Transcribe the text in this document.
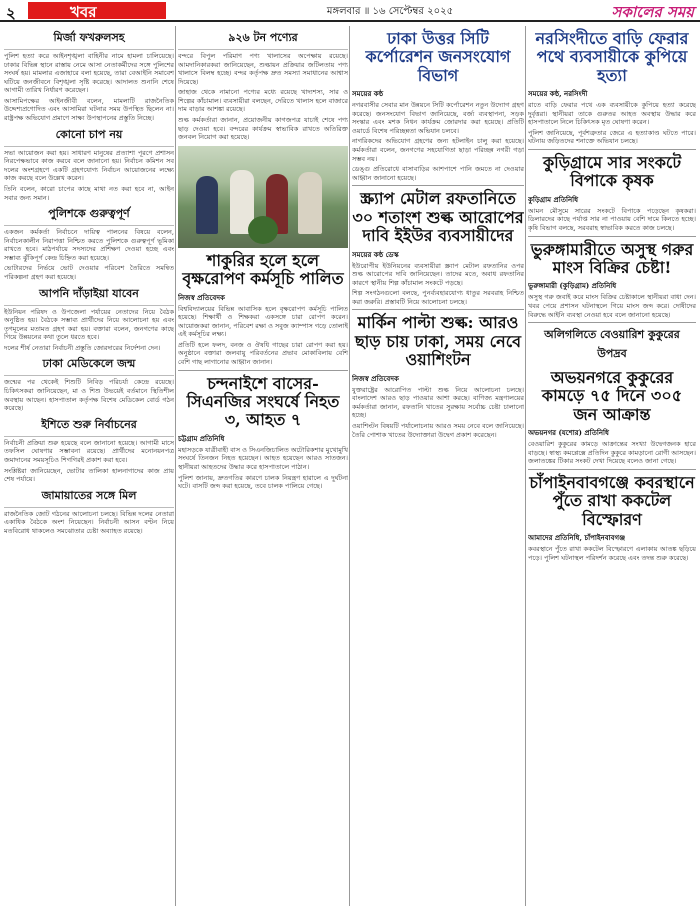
২	খবর	মঙ্গলবার ॥ ১৬ সেপ্টেম্বর ২০২৫	সকালের সময়
মির্জা ফখরুলসহ

পুলিশ হত্যা করে আইনশৃঙ্খলা বাহিনীর নামে হামলা চালিয়েছে। ঢাকার বিভিন্ন স্থানে রাস্তায় নেমে আসা নেতাকর্মীদের সঙ্গে পুলিশের সংঘর্ষ হয়। মামলার এজাহারে বলা হয়েছে, তারা বেআইনি সমাবেশ ঘটিয়ে জনজীবনে বিশৃঙ্খলা সৃষ্টি করেছে। আদালত শুনানি শেষে আগামী তারিখ নির্ধারণ করেছেন।

আসামিপক্ষের আইনজীবী বলেন, মামলাটি রাজনৈতিক উদ্দেশ্যপ্রণোদিত এবং আসামিরা ঘটনার সময় উপস্থিত ছিলেন না। রাষ্ট্রপক্ষ অভিযোগ প্রমাণে সাক্ষ্য উপস্থাপনের প্রস্তুতি নিচ্ছে।

কোনো চাপ নয়

সভা আয়োজন করা হয়। সাধারণ মানুষের প্রত্যাশা পূরণে প্রশাসন নিরপেক্ষভাবে কাজ করবে বলে জানানো হয়। নির্বাচন কমিশন সব দলের অংশগ্রহণে একটি গ্রহণযোগ্য নির্বাচন আয়োজনের লক্ষ্যে কাজ করছে বলে উল্লেখ করেন।

তিনি বলেন, কারো চাপের কাছে মাথা নত করা হবে না, আইন সবার জন্য সমান।

পুলিশকে গুরুত্বপূর্ণ

একজন কর্মকর্তা নির্বাচনে দায়িত্ব পালনের বিষয়ে বলেন, নির্বাচনকালীন নিরাপত্তা নিশ্চিত করতে পুলিশকে গুরুত্বপূর্ণ ভূমিকা রাখতে হবে। মাঠপর্যায়ে সদস্যদের প্রশিক্ষণ দেওয়া হচ্ছে এবং সম্ভাব্য ঝুঁকিপূর্ণ কেন্দ্র চিহ্নিত করা হয়েছে।

ভোটারদের নির্ভয়ে ভোট দেওয়ার পরিবেশ তৈরিতে সমন্বিত পরিকল্পনা গ্রহণ করা হয়েছে।

আপনি দাঁড়াইয়া যাবেন

ইউনিয়ন পরিষদ ও উপজেলা পর্যায়ের নেতাদের নিয়ে বৈঠক অনুষ্ঠিত হয়। বৈঠকে সম্ভাব্য প্রার্থীদের নিয়ে আলোচনা হয় এবং তৃণমূলের মতামত গ্রহণ করা হয়। বক্তারা বলেন, জনগণের কাছে গিয়ে উন্নয়নের কথা তুলে ধরতে হবে।

দলের শীর্ষ নেতারা নির্বাচনী প্রস্তুতি জোরদারের নির্দেশনা দেন।

ঢাকা মেডিকেলে জন্ম

জন্মের পর থেকেই শিশুটি নিবিড় পরিচর্যা কেন্দ্রে রয়েছে। চিকিৎসকরা জানিয়েছেন, মা ও শিশু উভয়েই বর্তমানে স্থিতিশীল অবস্থায় আছেন। হাসপাতাল কর্তৃপক্ষ বিশেষ মেডিকেল বোর্ড গঠন করেছে।

ইশিতে শুরু নির্বাচনের

নির্বাচনী প্রক্রিয়া শুরু হয়েছে বলে জানানো হয়েছে। আগামী মাসে তফসিল ঘোষণার সম্ভাবনা রয়েছে। প্রার্থীদের মনোনয়নপত্র জমাদানের সময়সূচিও শিগগিরই প্রকাশ করা হবে।

সংশ্লিষ্টরা জানিয়েছেন, ভোটার তালিকা হালনাগাদের কাজ প্রায় শেষ পর্যায়ে।

জামায়াতের সঙ্গে মিল

রাজনৈতিক জোট গঠনের আলোচনা চলছে। বিভিন্ন দলের নেতারা একাধিক বৈঠকে অংশ নিয়েছেন। নির্বাচনী আসন বণ্টন নিয়ে মতবিরোধ থাকলেও সমঝোতার চেষ্টা অব্যাহত রয়েছে।

৯২৬ টন পণ্যের

বন্দরে বিপুল পরিমাণ পণ্য খালাসের অপেক্ষায় রয়েছে। আমদানিকারকরা জানিয়েছেন, শুল্কায়ন প্রক্রিয়ার জটিলতায় পণ্য খালাসে বিলম্ব হচ্ছে। বন্দর কর্তৃপক্ষ দ্রুত সমস্যা সমাধানের আশ্বাস দিয়েছে।

জাহাজ থেকে নামানো পণ্যের মধ্যে রয়েছে খাদ্যশস্য, সার ও শিল্পের কাঁচামাল। ব্যবসায়ীরা বলছেন, দেরিতে খালাস হলে বাজারে দাম বাড়ার আশঙ্কা রয়েছে।

শুল্ক কর্মকর্তারা জানান, প্রয়োজনীয় কাগজপত্র যাচাই শেষে পণ্য ছাড় দেওয়া হবে। বন্দরের কার্যক্রম স্বাভাবিক রাখতে অতিরিক্ত জনবল নিয়োগ করা হয়েছে।

শাকুরির হলে হলে বৃক্ষরোপণ কর্মসূচি পালিত

নিজস্ব প্রতিবেদক

বিশ্ববিদ্যালয়ের বিভিন্ন আবাসিক হলে বৃক্ষরোপণ কর্মসূচি পালিত হয়েছে। শিক্ষার্থী ও শিক্ষকরা একসঙ্গে চারা রোপণ করেন। আয়োজকরা জানান, পরিবেশ রক্ষা ও সবুজ ক্যাম্পাস গড়ে তোলাই এই কর্মসূচির লক্ষ্য।

প্রতিটি হলে ফলদ, বনজ ও ঔষধি গাছের চারা রোপণ করা হয়। অনুষ্ঠানে বক্তারা জলবায়ু পরিবর্তনের প্রভাব মোকাবিলায় বেশি বেশি গাছ লাগানোর আহ্বান জানান।

চন্দনাইশে বাসের-সিএনজির সংঘর্ষে নিহত ৩, আহত ৭

চট্টগ্রাম প্রতিনিধি

মহাসড়কে যাত্রীবাহী বাস ও সিএনজিচালিত অটোরিকশার মুখোমুখি সংঘর্ষে তিনজন নিহত হয়েছেন। আহত হয়েছেন আরও সাতজন। স্থানীয়রা আহতদের উদ্ধার করে হাসপাতালে পাঠান।

পুলিশ জানায়, দ্রুতগতির কারণে চালক নিয়ন্ত্রণ হারালে এ দুর্ঘটনা ঘটে। বাসটি জব্দ করা হয়েছে, তবে চালক পালিয়ে গেছে।

ঢাকা উত্তর সিটি কর্পোরেশন জনসংযোগ বিভাগ

সময়ের কন্ঠ

নগরবাসীর সেবার মান উন্নয়নে সিটি কর্পোরেশন নতুন উদ্যোগ গ্রহণ করেছে। জনসংযোগ বিভাগ জানিয়েছে, বর্জ্য ব্যবস্থাপনা, সড়ক সংস্কার এবং মশক নিধন কার্যক্রম জোরদার করা হয়েছে। প্রতিটি ওয়ার্ডে বিশেষ পরিচ্ছন্নতা অভিযান চলবে।

নাগরিকদের অভিযোগ গ্রহণের জন্য হটলাইন চালু করা হয়েছে। কর্মকর্তারা বলেন, জনগণের সহযোগিতা ছাড়া পরিচ্ছন্ন নগরী গড়া সম্ভব নয়।

ডেঙ্গু প্রতিরোধে বাসাবাড়ির আশপাশে পানি জমতে না দেওয়ার আহ্বান জানানো হয়েছে।

স্ক্র্যাপ মেটাল রফতানিতে ৩০ শতাংশ শুল্ক আরোপের দাবি ইইউর ব্যবসায়ীদের

সময়ের কন্ঠ ডেস্ক

ইউরোপীয় ইউনিয়নের ব্যবসায়ীরা স্ক্র্যাপ মেটাল রফতানির ওপর শুল্ক আরোপের দাবি জানিয়েছেন। তাদের মতে, অবাধ রফতানির কারণে স্থানীয় শিল্প কাঁচামাল সংকটে পড়ছে।

শিল্প সংগঠনগুলো বলছে, পুনর্ব্যবহারযোগ্য ধাতুর সরবরাহ নিশ্চিত করা জরুরি। প্রস্তাবটি নিয়ে আলোচনা চলছে।

মার্কিন পাল্টা শুল্ক: আরও ছাড় চায় ঢাকা, সময় নেবে ওয়াশিংটন

নিজস্ব প্রতিবেদক

যুক্তরাষ্ট্রের আরোপিত পাল্টা শুল্ক নিয়ে আলোচনা চলছে। বাংলাদেশ আরও ছাড় পাওয়ার আশা করছে। বাণিজ্য মন্ত্রণালয়ের কর্মকর্তারা জানান, রফতানি খাতের সুরক্ষায় সর্বোচ্চ চেষ্টা চালানো হচ্ছে।

ওয়াশিংটন বিষয়টি পর্যালোচনায় আরও সময় নেবে বলে জানিয়েছে। তৈরি পোশাক খাতের উদ্যোক্তারা উদ্বেগ প্রকাশ করেছেন।

নরসিংদীতে বাড়ি ফেরার পথে ব্যবসায়ীকে কুপিয়ে হত্যা

সময়ের কন্ঠ, নরসিংদী

রাতে বাড়ি ফেরার পথে এক ব্যবসায়ীকে কুপিয়ে হত্যা করেছে দুর্বৃত্তরা। স্থানীয়রা তাকে গুরুতর আহত অবস্থায় উদ্ধার করে হাসপাতালে নিলে চিকিৎসক মৃত ঘোষণা করেন।

পুলিশ জানিয়েছে, পূর্বশত্রুতার জেরে এ হত্যাকাণ্ড ঘটতে পারে। ঘটনায় জড়িতদের শনাক্তে অভিযান চলছে।

কুড়িগ্রামে সার সংকটে বিপাকে কৃষক

কুড়িগ্রাম প্রতিনিধি

আমন মৌসুমে সারের সংকটে বিপাকে পড়েছেন কৃষকরা। ডিলারদের কাছে পর্যাপ্ত সার না পাওয়ায় বেশি দামে কিনতে হচ্ছে। কৃষি বিভাগ বলছে, সরবরাহ স্বাভাবিক করতে কাজ চলছে।

ভুরুঙ্গামারীতে অসুস্থ গরুর মাংস বিক্রির চেষ্টা!

ভুরুঙ্গামারী (কুড়িগ্রাম) প্রতিনিধি

অসুস্থ গরু জবাই করে মাংস বিক্রির চেষ্টাকালে স্থানীয়রা বাধা দেন। খবর পেয়ে প্রশাসন ঘটনাস্থলে গিয়ে মাংস জব্দ করে। দোষীদের বিরুদ্ধে আইনি ব্যবস্থা নেওয়া হবে বলে জানানো হয়েছে।

অলিগলিতে বেওয়ারিশ কুকুরের উপদ্রব

অভয়নগরে কুকুরের কামড়ে ৭৫ দিনে ৩০৫ জন আক্রান্ত

অভয়নগর (যশোর) প্রতিনিধি

বেওয়ারিশ কুকুরের কামড়ে আক্রান্তের সংখ্যা উদ্বেগজনক হারে বাড়ছে। স্বাস্থ্য কমপ্লেক্সে প্রতিদিন কুকুরে কামড়ানো রোগী আসছেন। জলাতঙ্কের টিকার সংকট দেখা দিয়েছে বলেও জানা গেছে।

চাঁপাইনবাবগঞ্জে কবরস্থানে পুঁতে রাখা ককটেল বিস্ফোরণ

আমাদের প্রতিনিধি, চাঁপাইনবাবগঞ্জ

কবরস্থানে পুঁতে রাখা ককটেল বিস্ফোরণে এলাকায় আতঙ্ক ছড়িয়ে পড়ে। পুলিশ ঘটনাস্থল পরিদর্শন করেছে এবং তদন্ত শুরু করেছে।
